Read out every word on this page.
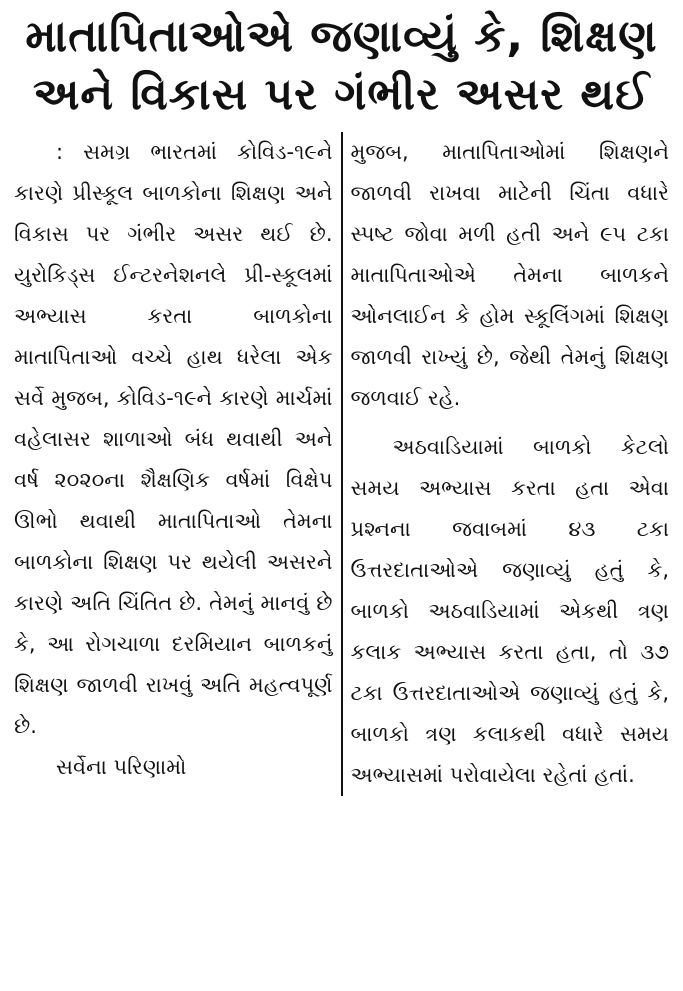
માતાપિતાઓએ જણાવ્યું કે, શિક્ષણ
અને વિકાસ પર ગંભીર અસર થઈ

: સમગ્ર ભારતમાં કોવિડ-૧૯ને કારણે પ્રીસ્કૂલ બાળકોના શિક્ષણ અને વિકાસ પર ગંભીર અસર થઈ છે. યુરોકિડ્સ ઈન્ટરનેશનલે પ્રી-સ્કૂલમાં અભ્યાસ કરતા બાળકોના માતાપિતાઓ વચ્ચે હાથ ધરેલા એક સર્વે મુજબ, કોવિડ-૧૯ને કારણે માર્ચમાં વહેલાસર શાળાઓ બંધ થવાથી અને વર્ષ ૨૦૨૦ના શૈક્ષણિક વર્ષમાં વિક્ષેપ ઊભો થવાથી માતાપિતાઓ તેમના બાળકોના શિક્ષણ પર થયેલી અસરને કારણે અતિ ચિંતિત છે. તેમનું માનવું છે કે, આ રોગચાળા દરમિયાન બાળકનું શિક્ષણ જાળવી રાખવું અતિ મહત્વપૂર્ણ છે.

સર્વેના પરિણામો

મુજબ, માતાપિતાઓમાં શિક્ષણને જાળવી રાખવા માટેની ચિંતા વધારે સ્પષ્ટ જોવા મળી હતી અને ૯૫ ટકા માતાપિતાઓએ તેમના બાળકને ઓનલાઈન કે હોમ સ્કૂલિંગમાં શિક્ષણ જાળવી રાખ્યું છે, જેથી તેમનું શિક્ષણ જળવાઈ રહે.

અઠવાડિયામાં બાળકો કેટલો સમય અભ્યાસ કરતા હતા એવા પ્રશ્નના જવાબમાં ૪૩ ટકા ઉત્તરદાતાઓએ જણાવ્યું હતું કે, બાળકો અઠવાડિયામાં એકથી ત્રણ કલાક અભ્યાસ કરતા હતા, તો ૩૭ ટકા ઉત્તરદાતાઓએ જણાવ્યું હતું કે, બાળકો ત્રણ કલાકથી વધારે સમય અભ્યાસમાં પરોવાયેલા રહેતાં હતાં.
